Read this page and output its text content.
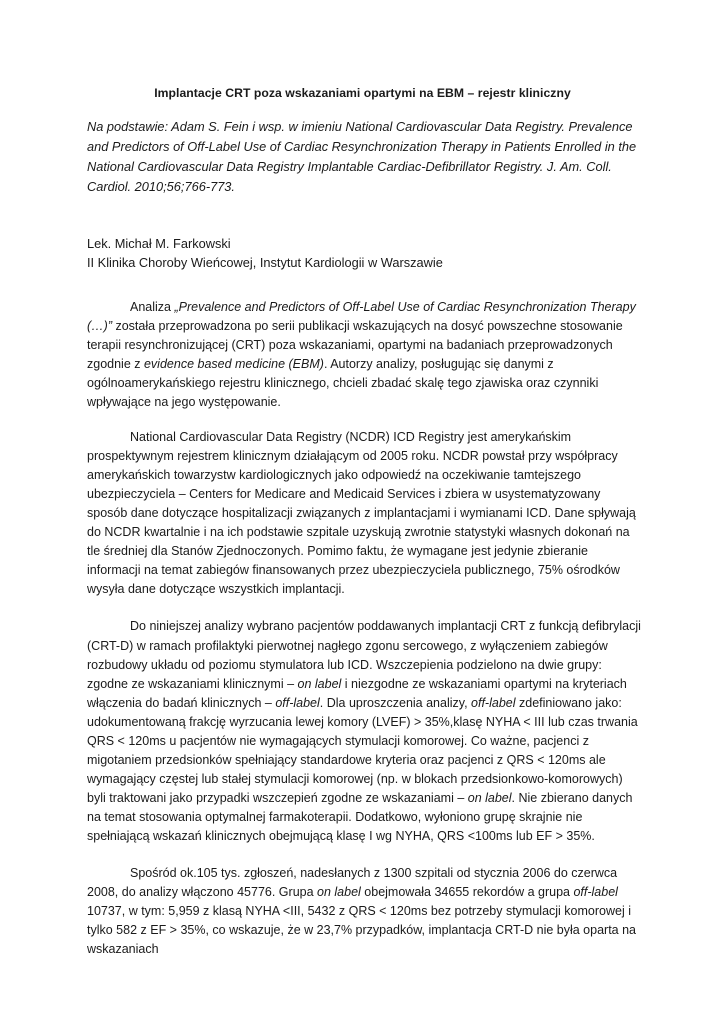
Implantacje CRT poza wskazaniami opartymi na EBM – rejestr kliniczny
Na podstawie: Adam S. Fein i wsp. w imieniu National Cardiovascular Data Registry. Prevalence and Predictors of Off-Label Use of Cardiac Resynchronization Therapy in Patients Enrolled in the National Cardiovascular Data Registry Implantable Cardiac-Defibrillator Registry. J. Am. Coll. Cardiol. 2010;56;766-773.
Lek. Michał M. Farkowski
II Klinika Choroby Wieńcowej, Instytut Kardiologii w Warszawie

Analiza „Prevalence and Predictors of Off-Label Use of Cardiac Resynchronization Therapy (…)” została przeprowadzona po serii publikacji wskazujących na dosyć powszechne stosowanie terapii resynchronizującej (CRT) poza wskazaniami, opartymi na badaniach przeprowadzonych zgodnie z evidence based medicine (EBM). Autorzy analizy, posługując się danymi z ogólnoamerykańskiego rejestru klinicznego, chcieli zbadać skalę tego zjawiska oraz czynniki wpływające na jego występowanie.

National Cardiovascular Data Registry (NCDR) ICD Registry jest amerykańskim prospektywnym rejestrem klinicznym działającym od 2005 roku. NCDR powstał przy współpracy amerykańskich towarzystw kardiologicznych jako odpowiedź na oczekiwanie tamtejszego ubezpieczyciela – Centers for Medicare and Medicaid Services i zbiera w usystematyzowany sposób dane dotyczące hospitalizacji związanych z implantacjami i wymianami ICD. Dane spływają do NCDR kwartalnie i na ich podstawie szpitale uzyskują zwrotnie statystyki własnych dokonań na tle średniej dla Stanów Zjednoczonych. Pomimo faktu, że wymagane jest jedynie zbieranie informacji na temat zabiegów finansowanych przez ubezpieczyciela publicznego, 75% ośrodków wysyła dane dotyczące wszystkich implantacji.

Do niniejszej analizy wybrano pacjentów poddawanych implantacji CRT z funkcją defibrylacji (CRT-D) w ramach profilaktyki pierwotnej nagłego zgonu sercowego, z wyłączeniem zabiegów rozbudowy układu od poziomu stymulatora lub ICD. Wszczepienia podzielono na dwie grupy: zgodne ze wskazaniami klinicznymi – on label i niezgodne ze wskazaniami opartymi na kryteriach włączenia do badań klinicznych – off-label. Dla uproszczenia analizy, off-label zdefiniowano jako: udokumentowaną frakcję wyrzucania lewej komory (LVEF) > 35%,klasę NYHA < III lub czas trwania QRS < 120ms u pacjentów nie wymagających stymulacji komorowej. Co ważne, pacjenci z migotaniem przedsionków spełniający standardowe kryteria oraz pacjenci z QRS < 120ms ale wymagający częstej lub stałej stymulacji komorowej (np. w blokach przedsionkowo-komorowych) byli traktowani jako przypadki wszczepień zgodne ze wskazaniami – on label. Nie zbierano danych na temat stosowania optymalnej farmakoterapii. Dodatkowo, wyłoniono grupę skrajnie nie spełniającą wskazań klinicznych obejmującą klasę I wg NYHA, QRS <100ms lub EF > 35%.

Spośród ok.105 tys. zgłoszeń, nadesłanych z 1300 szpitali od stycznia 2006 do czerwca 2008, do analizy włączono 45776. Grupa on label obejmowała 34655 rekordów a grupa off-label 10737, w tym: 5,959 z klasą NYHA <III, 5432 z QRS < 120ms bez potrzeby stymulacji komorowej i tylko 582 z EF > 35%, co wskazuje, że w 23,7% przypadków, implantacja CRT-D nie była oparta na wskazaniach
